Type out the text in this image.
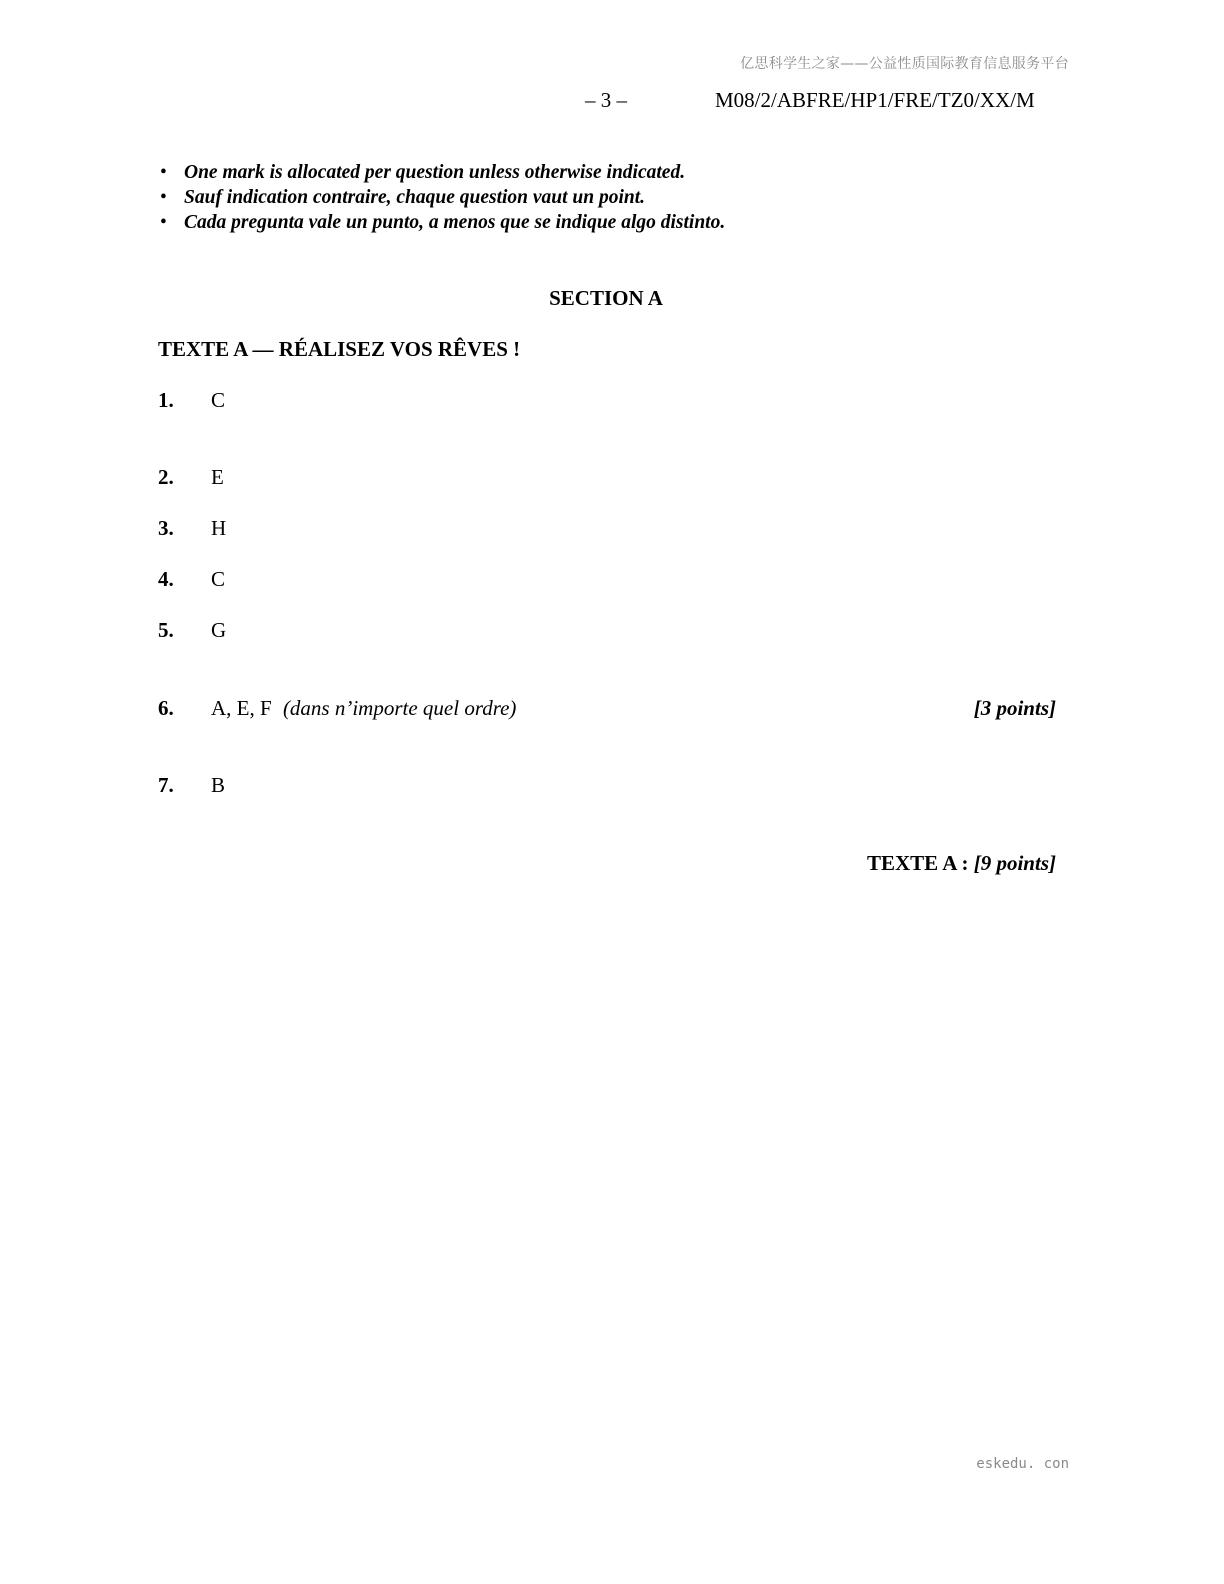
亿思科学生之家——公益性质国际教育信息服务平台
– 3 –	M08/2/ABFRE/HP1/FRE/TZ0/XX/M
• One mark is allocated per question unless otherwise indicated.
• Sauf indication contraire, chaque question vaut un point.
• Cada pregunta vale un punto, a menos que se indique algo distinto.
SECTION A
TEXTE A — RÉALISEZ VOS RÊVES !
1. C
2. E
3. H
4. C
5. G
6. A, E, F (dans n’importe quel ordre)	[3 points]
7. B
TEXTE A : [9 points]
eskedu. con
